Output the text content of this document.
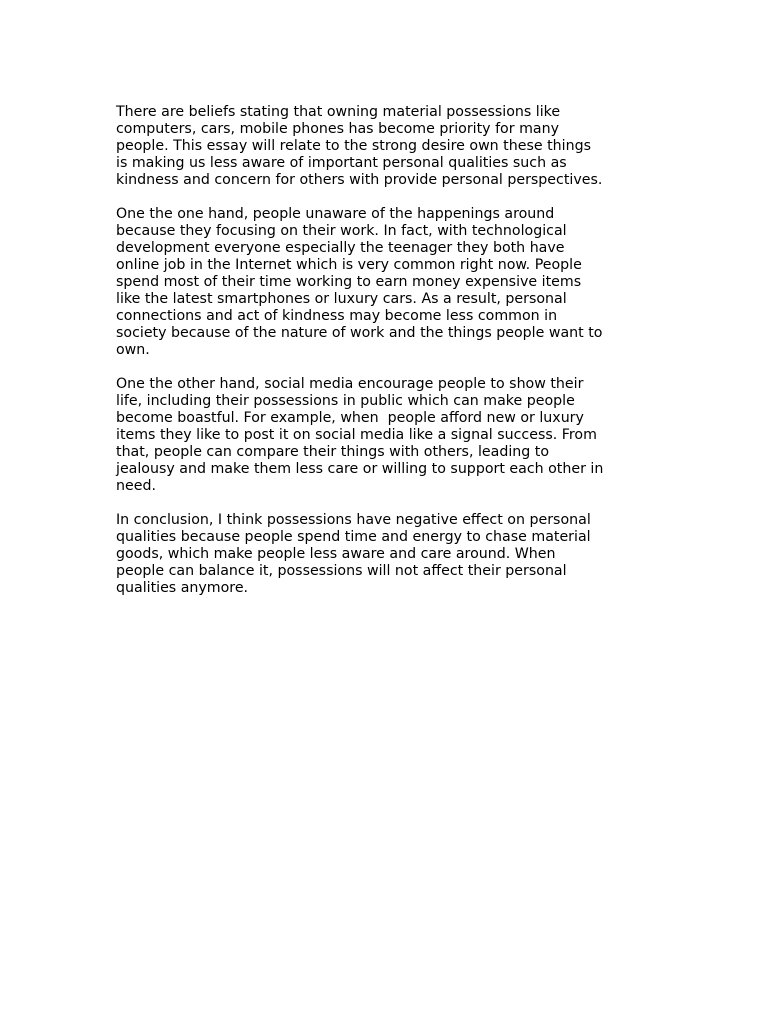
There are beliefs stating that owning material possessions like
computers, cars, mobile phones has become priority for many
people. This essay will relate to the strong desire own these things
is making us less aware of important personal qualities such as
kindness and concern for others with provide personal perspectives.

One the one hand, people unaware of the happenings around
because they focusing on their work. In fact, with technological
development everyone especially the teenager they both have
online job in the Internet which is very common right now. People
spend most of their time working to earn money expensive items
like the latest smartphones or luxury cars. As a result, personal
connections and act of kindness may become less common in
society because of the nature of work and the things people want to
own.

One the other hand, social media encourage people to show their
life, including their possessions in public which can make people
become boastful. For example, when  people afford new or luxury
items they like to post it on social media like a signal success. From
that, people can compare their things with others, leading to
jealousy and make them less care or willing to support each other in
need.

In conclusion, I think possessions have negative effect on personal
qualities because people spend time and energy to chase material
goods, which make people less aware and care around. When
people can balance it, possessions will not affect their personal
qualities anymore.
